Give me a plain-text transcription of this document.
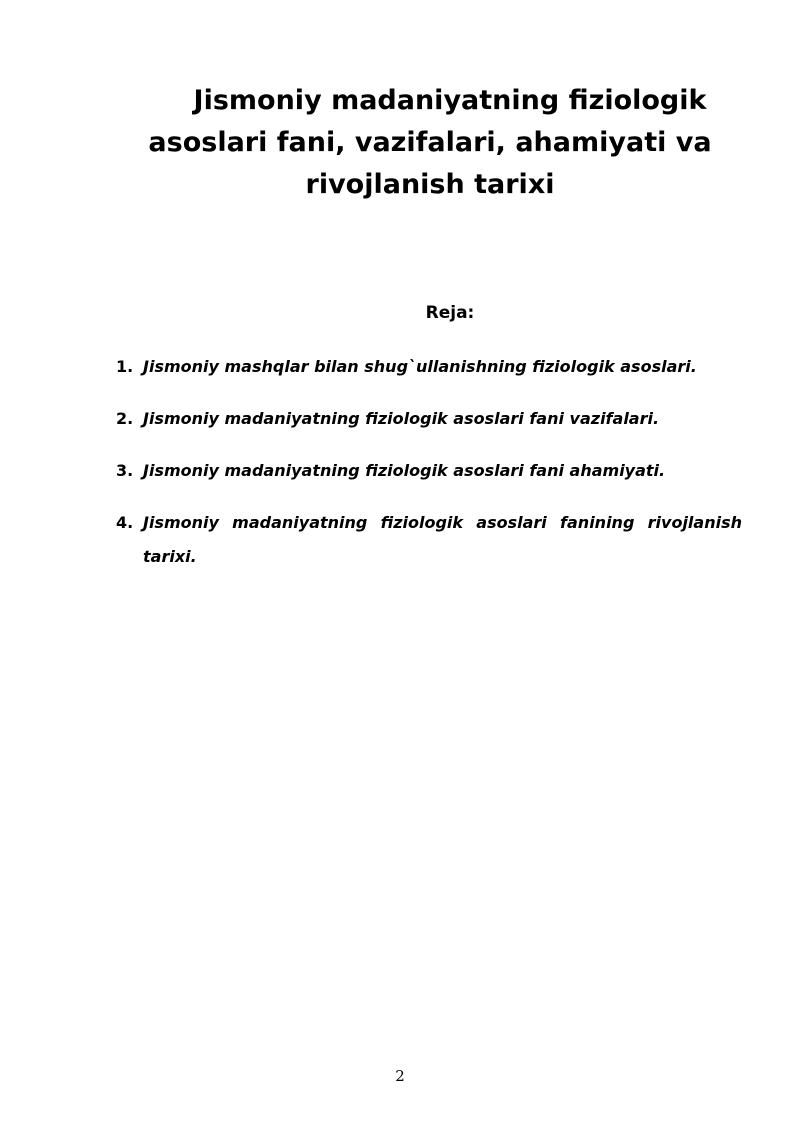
Jismoniy madaniyatning fiziologik
asoslari fani, vazifalari, ahamiyati va
rivojlanish tarixi

Reja:

1. Jismoniy mashqlar bilan shug`ullanishning fiziologik asoslari.
2. Jismoniy madaniyatning fiziologik asoslari fani vazifalari.
3. Jismoniy madaniyatning fiziologik asoslari fani ahamiyati.
4. Jismoniy madaniyatning fiziologik asoslari fanining rivojlanish tarixi.
2
